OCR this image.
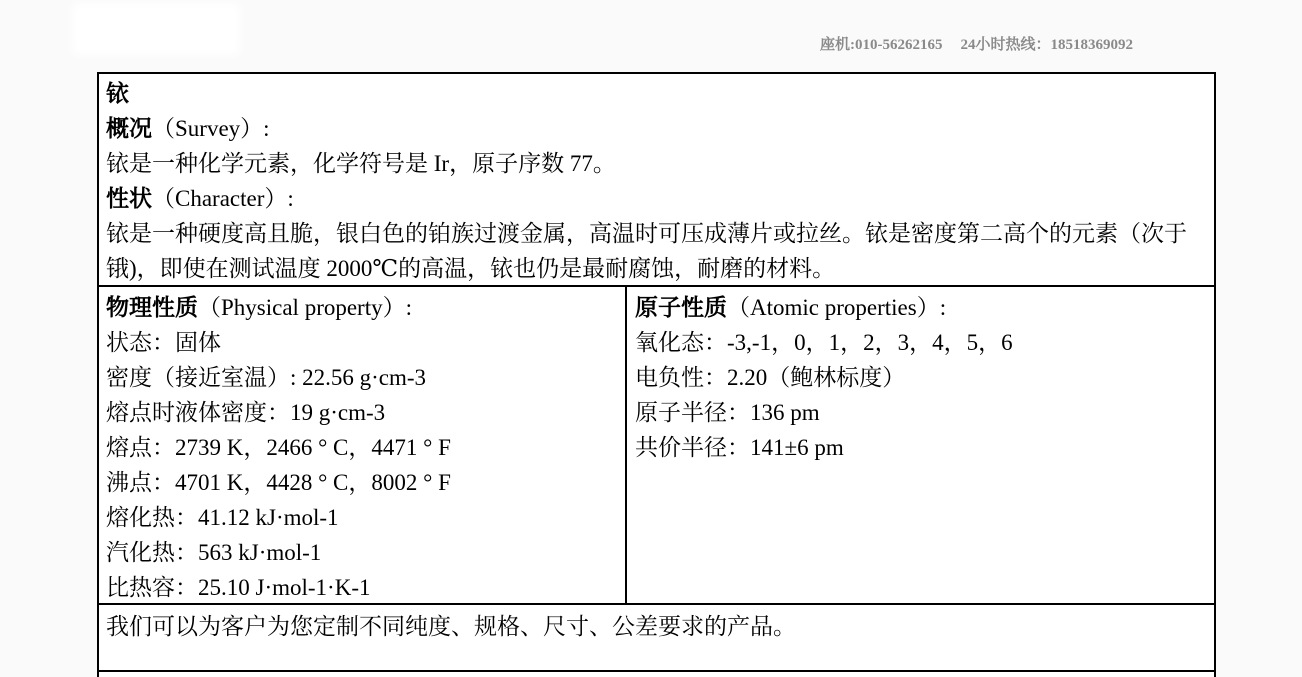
座机:010-56262165 24小时热线：18518369092
铱
概况（Survey）:
铱是一种化学元素，化学符号是 Ir，原子序数 77。
性状（Character）:
铱是一种硬度高且脆，银白色的铂族过渡金属，高温时可压成薄片或拉丝。铱是密度第二高个的元素（次于锇)，即使在测试温度 2000℃的高温，铱也仍是最耐腐蚀，耐磨的材料。
物理性质（Physical property）:
状态：固体
密度（接近室温）: 22.56 g·cm-3
熔点时液体密度：19 g·cm-3
熔点：2739 K，2466 ° C，4471 ° F
沸点：4701 K，4428 ° C，8002 ° F
熔化热：41.12 kJ·mol-1
汽化热：563 kJ·mol-1
比热容：25.10 J·mol-1·K-1
原子性质（Atomic properties）:
氧化态：-3,-1，0，1，2，3，4，5，6
电负性：2.20（鲍林标度）
原子半径：136 pm
共价半径：141±6 pm
我们可以为客户为您定制不同纯度、规格、尺寸、公差要求的产品。
